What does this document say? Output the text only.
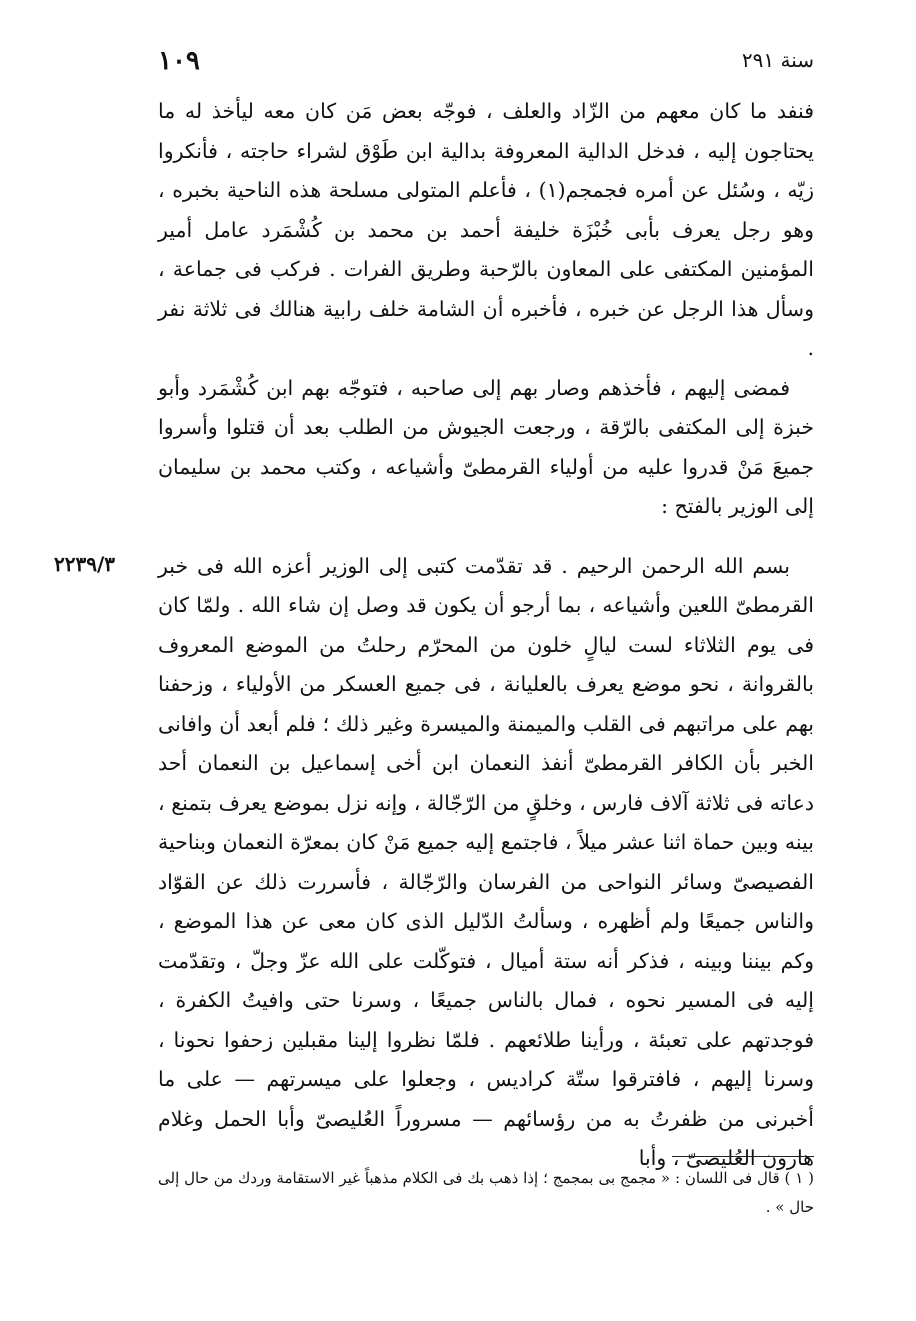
١٠٩	سنة ٢٩١
٢٢٣٩/٣

فنفد ما كان معهم من الزّاد والعلف ، فوجّه بعض مَن كان معه ليأخذ له ما يحتاجون إليه ، فدخل الدالية المعروفة بدالية ابن طَوْق لشراء حاجته ، فأنكروا زيّه ، وسُئل عن أمره فجمجم(١) ، فأعلم المتولى مسلحة هذه الناحية بخبره ، وهو رجل يعرف بأبى خُبْزَة خليفة أحمد بن محمد بن كُشْمَرد عامل أمير المؤمنين المكتفى على المعاون بالرّحبة وطريق الفرات . فركب فى جماعة ، وسأل هذا الرجل عن خبره ، فأخبره أن الشامة خلف رابية هنالك فى ثلاثة نفر .

فمضى إليهم ، فأخذهم وصار بهم إلى صاحبه ، فتوجّه بهم ابن كُشْمَرد وأبو خبزة إلى المكتفى بالرّقة ، ورجعت الجيوش من الطلب بعد أن قتلوا وأسروا جميعَ مَنْ قدروا عليه من أولياء القرمطىّ وأشياعه ، وكتب محمد بن سليمان إلى الوزير بالفتح :

بسم الله الرحمن الرحيم . قد تقدّمت كتبى إلى الوزير أعزه الله فى خبر القرمطىّ اللعين وأشياعه ، بما أرجو أن يكون قد وصل إن شاء الله . ولمّا كان فى يوم الثلاثاء لست ليالٍ خلون من المحرّم رحلتُ من الموضع المعروف بالقروانة ، نحو موضع يعرف بالعليانة ، فى جميع العسكر من الأولياء ، وزحفنا بهم على مراتبهم فى القلب والميمنة والميسرة وغير ذلك ؛ فلم أبعد أن وافانى الخبر بأن الكافر القرمطىّ أنفذ النعمان ابن أخى إسماعيل بن النعمان أحد دعاته فى ثلاثة آلاف فارس ، وخلقٍ من الرّجّالة ، وإنه نزل بموضع يعرف بتمنع ، بينه وبين حماة اثنا عشر ميلاً ، فاجتمع إليه جميع مَنْ كان بمعرّة النعمان وبناحية الفصيصىّ وسائر النواحى من الفرسان والرّجّالة ، فأسررت ذلك عن القوّاد والناس جميعًا ولم أظهره ، وسألتُ الدّليل الذى كان معى عن هذا الموضع ، وكم بيننا وبينه ، فذكر أنه ستة أميال ، فتوكّلت على الله عزّ وجلّ ، وتقدّمت إليه فى المسير نحوه ، فمال بالناس جميعًا ، وسرنا حتى وافيتُ الكفرة ، فوجدتهم على تعبئة ، ورأينا طلائعهم . فلمّا نظروا إلينا مقبلين زحفوا نحونا ، وسرنا إليهم ، فافترقوا ستّة كراديس ، وجعلوا على ميسرتهم — على ما أخبرنى من ظفرتُ به من رؤسائهم — مسروراً العُليصىّ وأبا الحمل وغلام هارون العُليصىّ ، وأبا

( ١ ) قال فى اللسان : « مجمج بى بمجمج ؛ إذا ذهب بك فى الكلام مذهباً غير الاستقامة وردك من حال إلى حال » .
